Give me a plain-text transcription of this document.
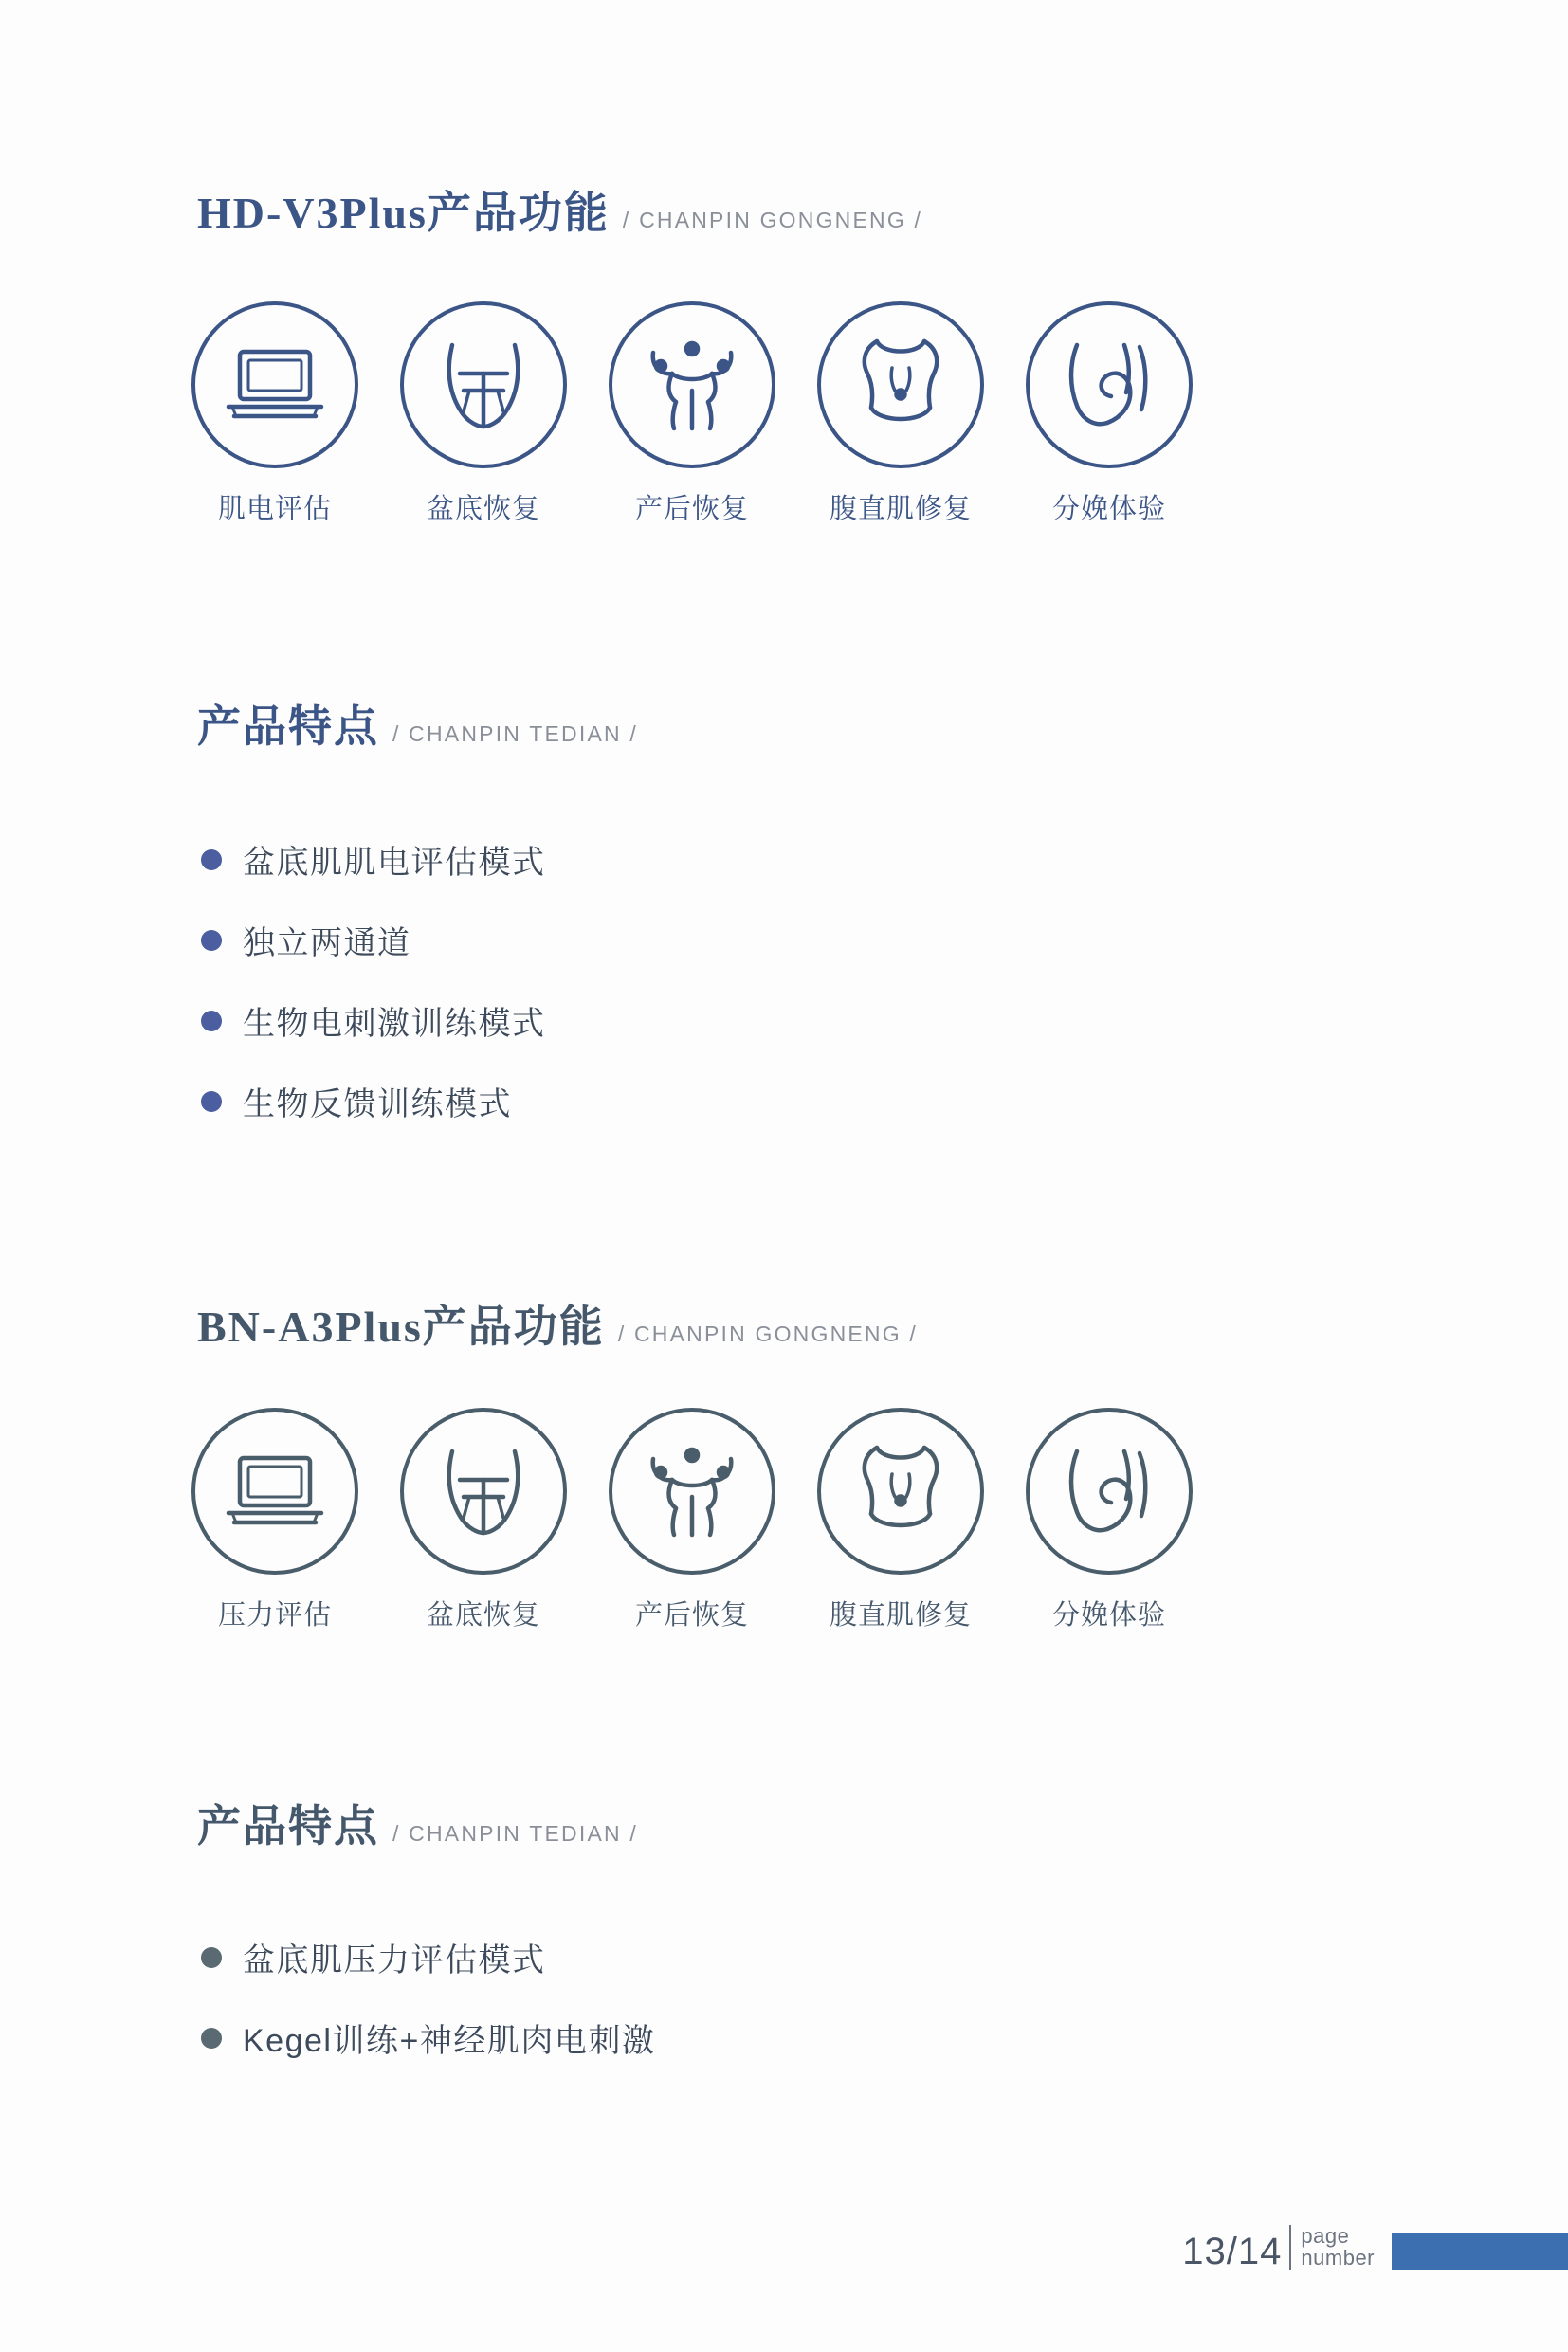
HD-V3Plus产品功能 / CHANPIN GONGNENG /
肌电评估	盆底恢复	产后恢复	腹直肌修复	分娩体验
产品特点 / CHANPIN TEDIAN /
盆底肌肌电评估模式
独立两通道
生物电刺激训练模式
生物反馈训练模式
BN-A3Plus产品功能 / CHANPIN GONGNENG /
压力评估	盆底恢复	产后恢复	腹直肌修复	分娩体验
产品特点 / CHANPIN TEDIAN /
盆底肌压力评估模式
Kegel训练+神经肌肉电刺激
13/14 page
number
